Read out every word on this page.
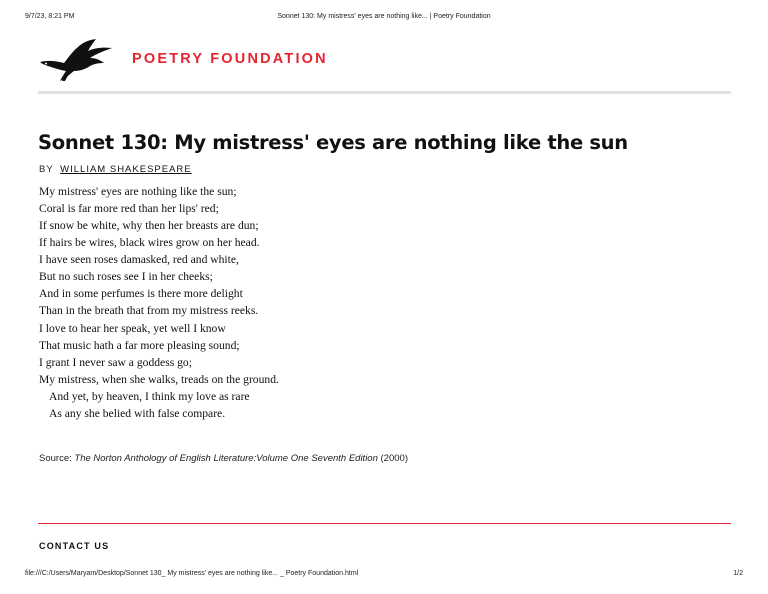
9/7/23, 8:21 PM	Sonnet 130: My mistress' eyes are nothing like... | Poetry Foundation
POETRY FOUNDATION
Sonnet 130: My mistress' eyes are nothing like the sun
BY WILLIAM SHAKESPEARE
My mistress' eyes are nothing like the sun;
Coral is far more red than her lips' red;
If snow be white, why then her breasts are dun;
If hairs be wires, black wires grow on her head.
I have seen roses damasked, red and white,
But no such roses see I in her cheeks;
And in some perfumes is there more delight
Than in the breath that from my mistress reeks.
I love to hear her speak, yet well I know
That music hath a far more pleasing sound;
I grant I never saw a goddess go;
My mistress, when she walks, treads on the ground.
And yet, by heaven, I think my love as rare
As any she belied with false compare.
Source: The Norton Anthology of English Literature:Volume One Seventh Edition (2000)
CONTACT US
file:///C:/Users/Maryam/Desktop/Sonnet 130_ My mistress' eyes are nothing like... _ Poetry Foundation.html	1/2
